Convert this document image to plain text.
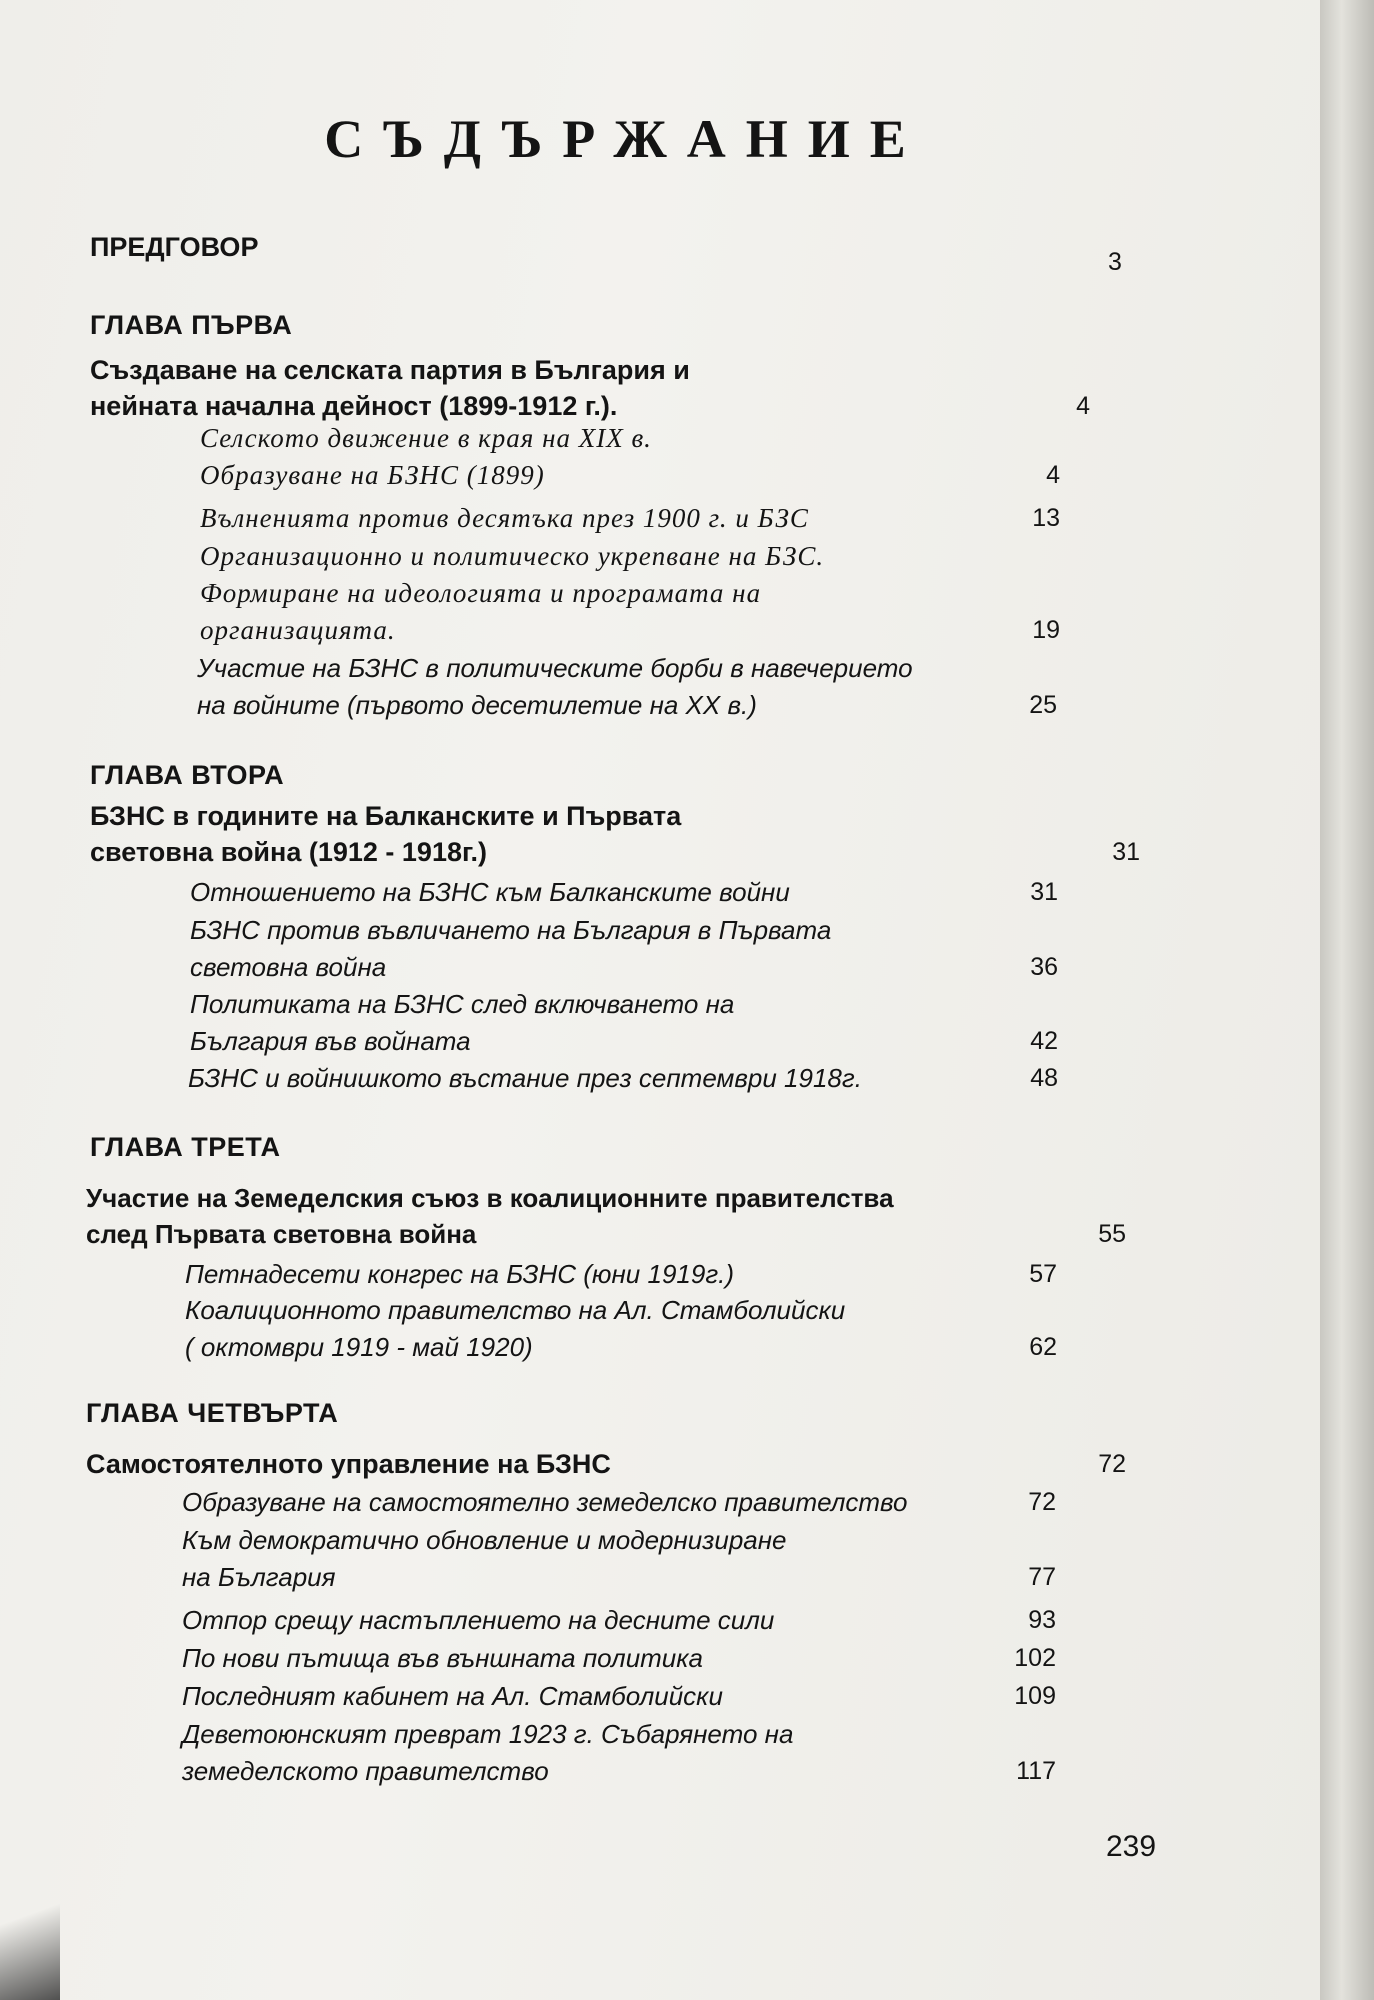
СЪДЪРЖАНИЕ
ПРЕДГОВОР	3
ГЛАВА ПЪРВА
Създаване на селската партия в България и
нейната начална дейност (1899-1912 г.).	4
Селското движение в края на XIX в.
Образуване на БЗНС (1899)	4
Вълненията против десятъка през 1900 г. и БЗС	13
Организационно и политическо укрепване на БЗС.
Формиране на идеологията и програмата на
организацията.	19
Участие на БЗНС в политическите борби в навечерието
на войните (първото десетилетие на XX в.)	25
ГЛАВА ВТОРА
БЗНС в годините на Балканските и Първата
световна война (1912 - 1918г.)	31
Отношението на БЗНС към Балканските войни	31
БЗНС против въвличането на България в Първата
световна война	36
Политиката на БЗНС след включването на
България във войната	42
БЗНС и войнишкото въстание през септември 1918г.	48
ГЛАВА ТРЕТА
Участие на Земеделския съюз в коалиционните правителства
след Първата световна война	55
Петнадесети конгрес на БЗНС (юни 1919г.)	57
Коалиционното правителство на Ал. Стамболийски
( октомври 1919 - май 1920)	62
ГЛАВА ЧЕТВЪРТА
Самостоятелното управление на БЗНС	72
Образуване на самостоятелно земеделско правителство	72
Към демократично обновление и модернизиране
на България	77
Отпор срещу настъплението на десните сили	93
По нови пътища във външната политика	102
Последният кабинет на Ал. Стамболийски	109
Деветоюнският преврат 1923 г. Събарянето на
земеделското правителство	117
239
